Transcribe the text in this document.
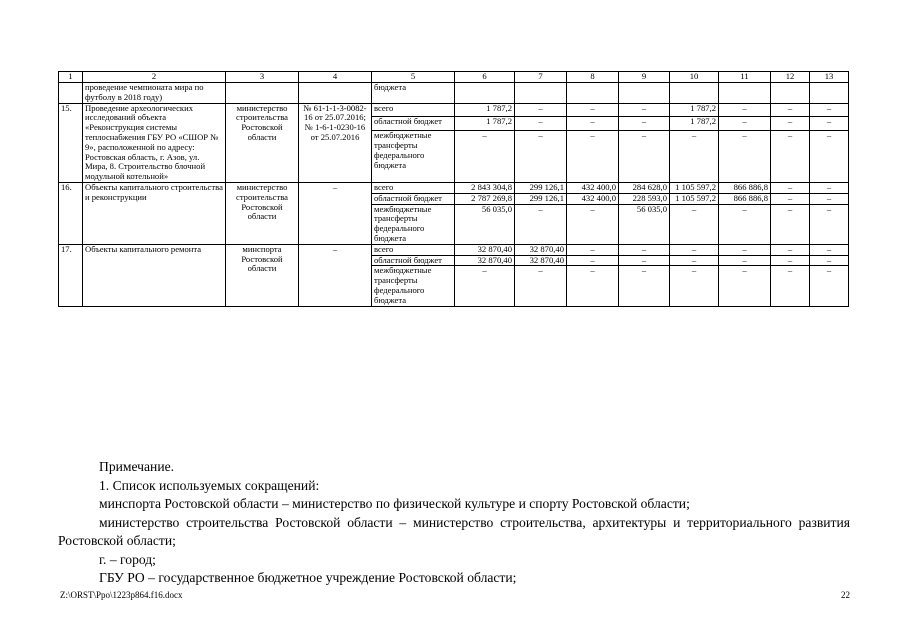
1	2	3	4	5	6	7	8	9	10	11	12	13
	проведение чемпионата мира по футболу в 2018 году)			бюджета								
15.	Проведение археологических исследований объекта «Реконструкция системы теплоснабжения ГБУ РО «СШОР № 9», расположенной по адресу: Ростовская область, г. Азов, ул. Мира, 8. Строительство блочной модульной котельной»	министерство строительства Ростовской области	№ 61-1-1-3-0082-16 от 25.07.2016; № 1-6-1-0230-16 от 25.07.2016	всего	1 787,2	–	–	–	1 787,2	–	–	–
				областной бюджет	1 787,2	–	–	–	1 787,2	–	–	–
				межбюджетные трансферты федерального бюджета	–	–	–	–	–	–	–	–
16.	Объекты капитального строительства и реконструкции	министерство строительства Ростовской области	–	всего	2 843 304,8	299 126,1	432 400,0	284 628,0	1 105 597,2	866 886,8	–	–
				областной бюджет	2 787 269,8	299 126,1	432 400,0	228 593,0	1 105 597,2	866 886,8	–	–
				межбюджетные трансферты федерального бюджета	56 035,0	–	–	56 035,0	–	–	–	–
17.	Объекты капитального ремонта	минспорта Ростовской области	–	всего	32 870,40	32 870,40	–	–	–	–	–	–
				областной бюджет	32 870,40	32 870,40	–	–	–	–	–	–
				межбюджетные трансферты федерального бюджета	–	–	–	–	–	–	–	–

Примечание.

1. Список используемых сокращений:

минспорта Ростовской области – министерство по физической культуре и спорту Ростовской области;

министерство строительства Ростовской области – министерство строительства, архитектуры и территориального развития Ростовской области;

г. – город;

ГБУ РО – государственное бюджетное учреждение Ростовской области;

Z:\ORST\Ppo\1223p864.f16.docx	22
